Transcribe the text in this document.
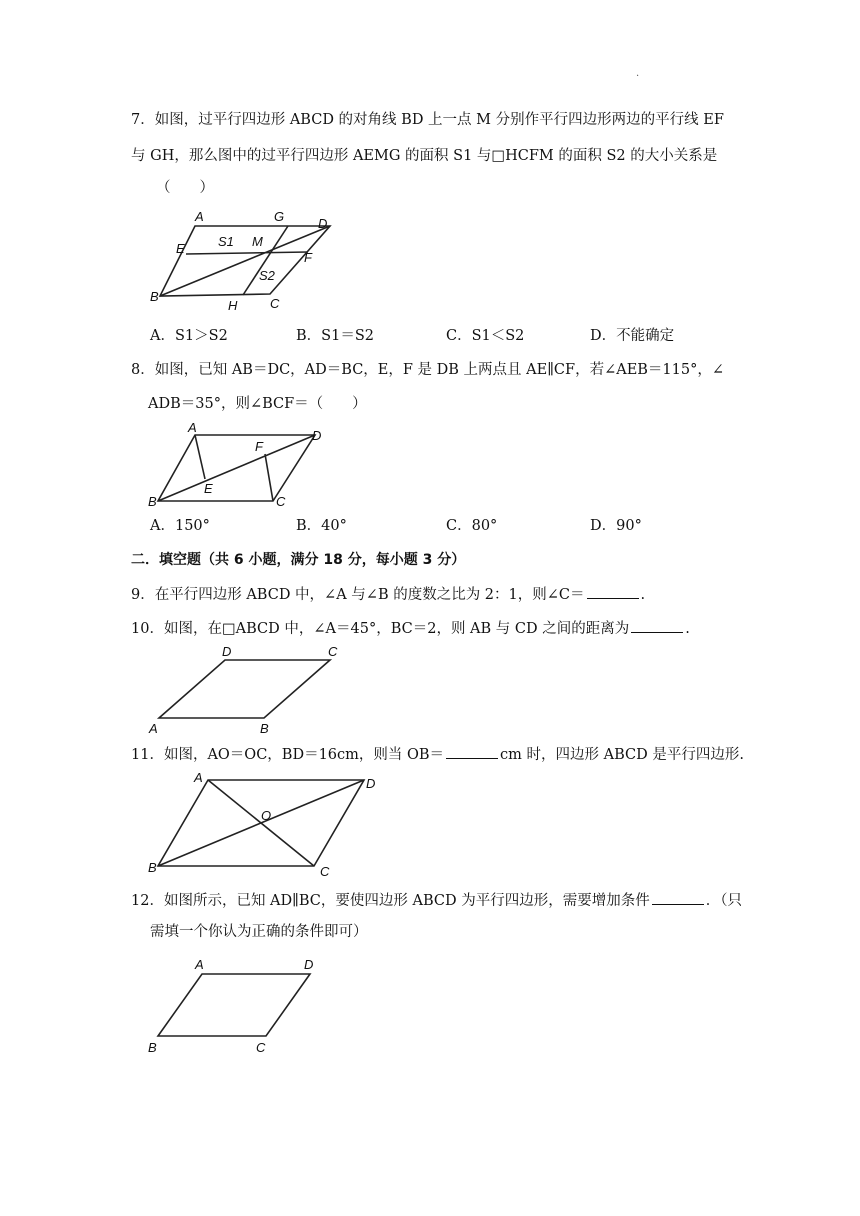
.
7．如图，过平行四边形 ABCD 的对角线 BD 上一点 M 分别作平行四边形两边的平行线 EF
与 GH，那么图中的过平行四边形 AEMG 的面积 S1 与□HCFM 的面积 S2 的大小关系是
（　　）
A	G	D
E	S1 M
F
S2
B
H	C
A．S1＞S2	B．S1＝S2	C．S1＜S2	D．不能确定
8．如图，已知 AB＝DC，AD＝BC，E，F 是 DB 上两点且 AE∥CF，若∠AEB＝115°，∠
ADB＝35°，则∠BCF＝（　　）
A
D
F
E
B	C
A．150°	B．40°	C．80°	D．90°
二．填空题（共 6 小题，满分 18 分，每小题 3 分）
9．在平行四边形 ABCD 中，∠A 与∠B 的度数之比为 2：1，则∠C＝	.
10．如图，在□ABCD 中，∠A＝45°，BC＝2，则 AB 与 CD 之间的距离为	.
D	C
A	B
11．如图，AO＝OC，BD＝16cm，则当 OB＝	cm 时，四边形 ABCD 是平行四边形.
A	D
O
B	C
12．如图所示，已知 AD∥BC，要使四边形 ABCD 为平行四边形，需要增加条件	．（只
需填一个你认为正确的条件即可）
A	D
B	C
